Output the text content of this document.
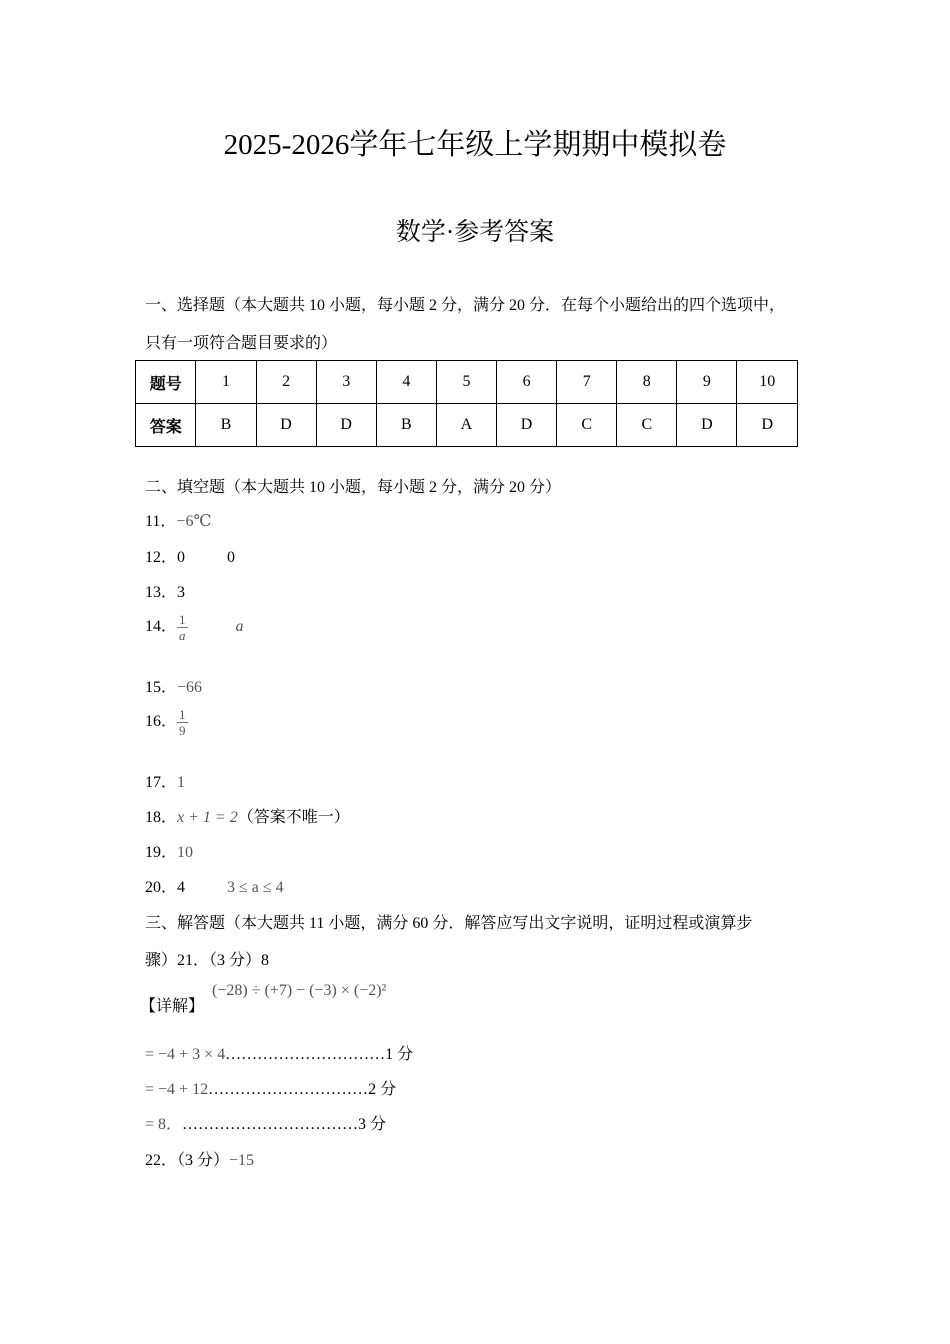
2025-2026学年七年级上学期期中模拟卷
数学·参考答案
一、选择题（本大题共 10 小题，每小题 2 分，满分 20 分．在每个小题给出的四个选项中，
只有一项符合题目要求的）
题号	1	2	3	4	5	6	7	8	9	10
答案	B	D	D	B	A	D	C	C	D	D
二、填空题（本大题共 10 小题，每小题 2 分，满分 20 分）
11．−6℃
12．0	0
13．3
14． $\frac{1}{a}$	a
15．−66
16． $\frac{1}{9}$
17．1
18．x + 1 = 2（答案不唯一）
19．10
20．4	3 ≤ a ≤ 4
三、解答题（本大题共 11 小题，满分 60 分．解答应写出文字说明，证明过程或演算步
骤）21．（3 分）8
【详解】
(−28) ÷ (+7) − (−3) × (−2)²
= −4 + 3 × 4…………………………1 分
= −4 + 12…………………………2 分
= 8．……………………………3 分
22．（3 分）−15
